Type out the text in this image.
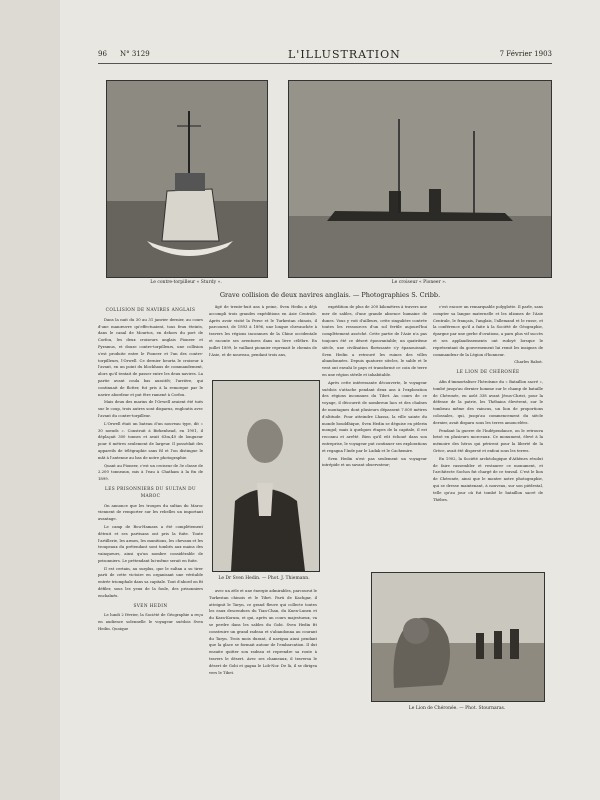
96 N° 3129	L'ILLUSTRATION	7 Février 1903
Le contre-torpilleur « Sturdy ».	Le croiseur « Pioneer ».
Grave collision de deux navires anglais. — Photographies S. Cribb.

COLLISION DE NAVIRES ANGLAIS

Dans la nuit du 30 au 31 janvier dernier, au cours d'une manœuvre qu'effectuaient, tous feux éteints, dans le canal de Mourtos, en dehors du port de Corfou, les deux croiseurs anglais Pioneer et Pyramus, et douze contre-torpilleurs, une collision s'est produite entre le Pioneer et l'un des contre-torpilleurs, l'Orwell. Ce dernier heurta le croiseur à l'avant, en un point du blockhaus de commandement, alors qu'il tentait de passer entre les deux navires. La partie avant coula bas aussitôt; l'arrière, qui continuait de flotter, fut pris à la remorque par le navire abordeur et put être ramené à Corfou.

Mais deux des marins de l'Orwell avaient été tués sur le coup, trois autres sont disparus, engloutis avec l'avant du contre-torpilleur.

L'Orwell était un bateau d'un nouveau type, dit « 30 nœuds ». Construit à Birkenhead, en 1901, il déplaçait 300 tonnes et avait 63m,40 de longueur pour 6 mètres seulement de largeur. Il possédait des appareils de télégraphie sans fil et l'on distingue le mât à l'antenne au bas de notre photographie.

Quant au Pioneer, c'est un croiseur de 3e classe de 2.200 tonneaux, mis à l'eau à Chatham à la fin de 1899.

LES PRISONNIERS DU SULTAN DU MAROC

On annonce que les troupes du sultan du Maroc viennent de remporter sur les rebelles un important avantage.

Le camp de Bou-Hamara a été complètement détruit et ses partisans ont pris la fuite. Toute l'artillerie, les armes, les munitions, les chevaux et les troupeaux du prétendant sont tombés aux mains des vainqueurs, ainsi qu'un nombre considérable de prisonniers. Le prétendant lui-même serait en fuite.

Il est certain, au surplus, que le sultan a su tirer parti de cette victoire en organisant une véritable entrée triomphale dans sa capitale. Tout d'abord on fit défiler, sous les yeux de la foule, des prisonniers enchaînés.

SVEN HEDIN

Le lundi 2 février, la Société de Géographie a reçu en audience solennelle le voyageur suédois Sven Hedin. Quoique

âgé de trente-huit ans à peine, Sven Hedin a déjà accompli trois grandes expéditions en Asie Centrale. Après avoir visité la Perse et le Turkestan chinois, il parcourut, de 1893 à 1896, une longue chevauchée à travers les régions inconnues de la Chine occidentale et raconte ses aventures dans un livre célèbre. En juillet 1899, le vaillant pionnier reprenait le chemin de l'Asie, et de nouveau, pendant trois ans,

Le Dr Sven Hedin. — Phot. J. Thiemann.

avec un zèle et une énergie admirables, parcourut le Turkestan chinois et le Tibet. Parti de Kachgar, il atteignit le Taryn, ce grand fleuve qui collecte toutes les eaux descendues du Tian-Chan, du Kuen-Lunen et du Kara-Korum, et qui, après un cours majestueux, va se perdre dans les sables du Gobi. Sven Hedin fit construire un grand radeau et s'abandonna au courant du Taryn. Trois mois durant, il navigua ainsi pendant que la glace se formait autour de l'embarcation. Il dut ensuite quitter son radeau et reprendre sa route à travers le désert. Avec ses chameaux, il traversa le désert de Gobi et gagna le Lob-Nor. De là, il se dirigea vers le Tibet.

expédition de plus de 200 kilomètres à travers une mer de sables, d'une grande absence humaine de dunes. Vous y voit d'ailleurs, cette singulière contrée toutes les ressources d'un sol fertile aujourd'hui complètement asséché. Cette partie de l'Asie n'a pas toujours été ce désert épouvantable; un quatrième siècle, une civilisation florissante s'y épanouissait. Sven Hedin a retrouvé les ruines des villes abandonnées. Depuis quatorze siècles, le sable et le vent ont envahi le pays et transformé ce coin de terre en une région stérile et inhabitable.

Après cette intéressante découverte, le voyageur suédois s'attache pendant deux ans à l'exploration des régions inconnues du Tibet. Au cours de ce voyage, il découvrit de nombreux lacs et des chaînes de montagnes dont plusieurs dépassent 7.000 mètres d'altitude. Pour atteindre Lhassa, la ville sainte du monde bouddhique, Sven Hedin se déguise en pèlerin mongol; mais à quelques étapes de la capitale, il est reconnu et arrêté. Bien qu'il eût échoué dans son entreprise, le voyageur put continuer ses explorations et regagna l'Inde par le Ladak et le Cachemire.

Sven Hedin n'est pas seulement un voyageur intrépide et un savant observateur;

c'est encore un remarquable polyglotte. Il parle, sans compter sa langue maternelle et les idiomes de l'Asie Centrale, le français, l'anglais, l'allemand et le russe, et la conférence qu'il a faite à la Société de Géographie, épargne par une gerbe d'ovations, a paru plus vif succès et ses applaudissements ont rudoyé lorsque le représentant du gouvernement lui remit les insignes de commandeur de la Légion d'honneur.

Charles Rabot.

LE LION DE CHÉRONÉE

Afin d'immortaliser l'héroïsme du « Bataillon sacré », tombé jusqu'au dernier homme sur le champ de bataille de Chéronée, en août 338 avant Jésus-Christ, pour la défense de la patrie, les Thébains élevèrent, sur le tombeau même des vaincus, un lion de proportions colossales, qui, jusqu'au commencement du siècle dernier, avait disparu sous les terres amoncelées.

Pendant la guerre de l'Indépendance, on le retrouva brisé en plusieurs morceaux. Ce monument, élevé à la mémoire des héros qui périrent pour la liberté de la Grèce, avait été dispersé et enfoui sous les terres.

En 1902, la Société archéologique d'Athènes résolut de faire rassembler et restaurer ce monument, et l'architecte Sochos fut chargé de ce travail. C'est le lion de Chéronée, ainsi que le montre notre photographie, qui se dresse maintenant, à nouveau, sur son piédestal, telle qu'au jour où fut tombé le bataillon sacré de Thèbes.

Le Lion de Chéronée. — Phot. Stournaras.
